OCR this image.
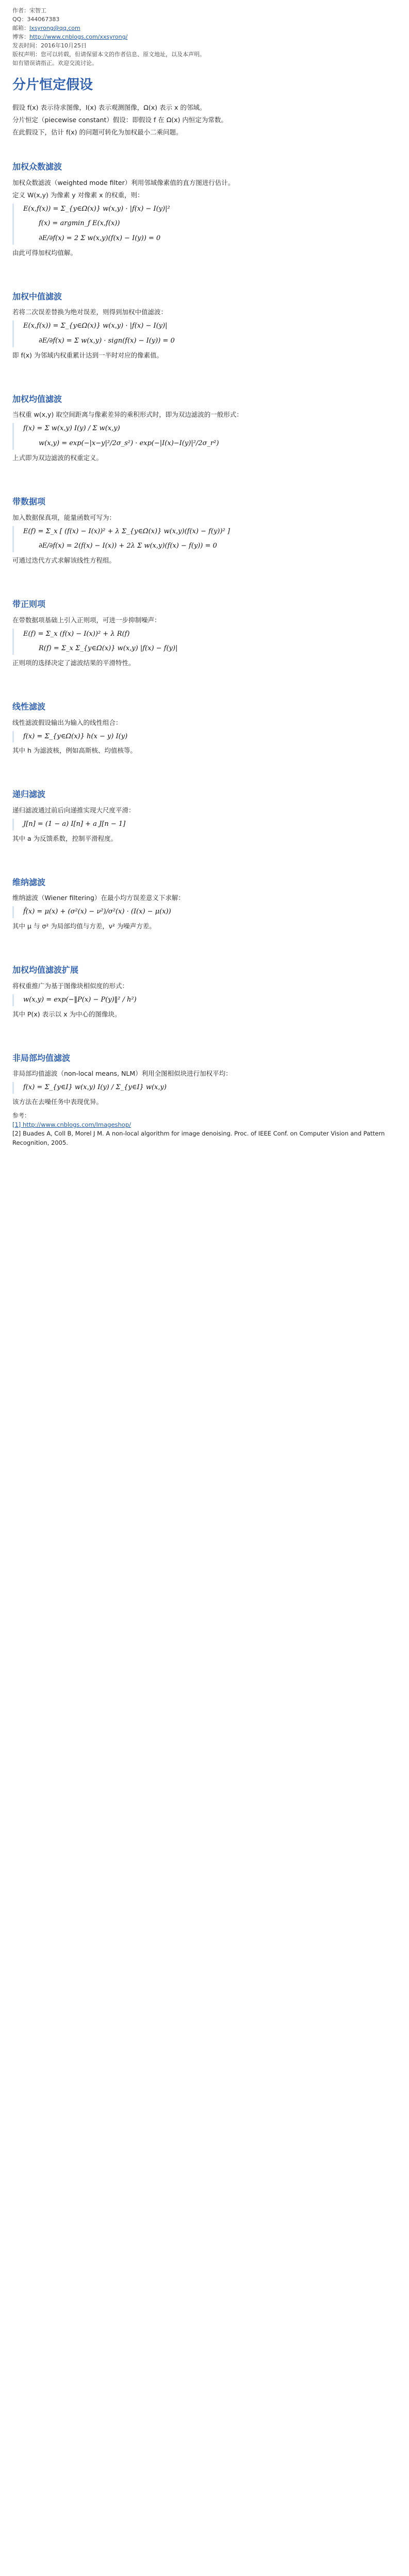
作者：宋智工
QQ：344067383
邮箱：lxsyrong@qq.com
博客：http://www.cnblogs.com/xxsyrong/
发表时间：2016年10月25日
版权声明：您可以转载，但请保留本文的作者信息、原文地址，以及本声明。
如有错误请指正。欢迎交流讨论。
分片恒定假设

假设 f(x) 表示待求图像，I(x) 表示观测图像，Ω(x) 表示 x 的邻域。

分片恒定（piecewise constant）假设：即假设 f 在 Ω(x) 内恒定为常数。

在此假设下，估计 f(x) 的问题可转化为加权最小二乘问题。

加权众数滤波

加权众数滤波（weighted mode filter）利用邻域像素值的直方图进行估计。

定义 W(x,y) 为像素 y 对像素 x 的权重，则：

E(x,f(x)) = Σ_{y∈Ω(x)} w(x,y) · |f(x) − I(y)|²
f(x) = argmin_f E(x,f(x))
∂E/∂f(x) = 2 Σ w(x,y)(f(x) − I(y)) = 0

由此可得加权均值解。

加权中值滤波

若将二次误差替换为绝对误差，则得到加权中值滤波：

E(x,f(x)) = Σ_{y∈Ω(x)} w(x,y) · |f(x) − I(y)|
∂E/∂f(x) = Σ w(x,y) · sign(f(x) − I(y)) = 0

即 f(x) 为邻域内权重累计达到一半时对应的像素值。

加权均值滤波

当权重 w(x,y) 取空间距离与像素差异的乘积形式时，即为双边滤波的一般形式：

f(x) = Σ w(x,y) I(y) / Σ w(x,y)
w(x,y) = exp(−|x−y|²/2σ_s²) · exp(−|I(x)−I(y)|²/2σ_r²)

上式即为双边滤波的权重定义。

带数据项

加入数据保真项，能量函数可写为：

E(f) = Σ_x [ (f(x) − I(x))² + λ Σ_{y∈Ω(x)} w(x,y)(f(x) − f(y))² ]
∂E/∂f(x) = 2(f(x) − I(x)) + 2λ Σ w(x,y)(f(x) − f(y)) = 0

可通过迭代方式求解该线性方程组。

带正则项

在带数据项基础上引入正则项，可进一步抑制噪声：

E(f) = Σ_x (f(x) − I(x))² + λ R(f)
R(f) = Σ_x Σ_{y∈Ω(x)} w(x,y) |f(x) − f(y)|

正则项的选择决定了滤波结果的平滑特性。

线性滤波

线性滤波假设输出为输入的线性组合：

f(x) = Σ_{y∈Ω(x)} h(x − y) I(y)

其中 h 为滤波核，例如高斯核、均值核等。

递归滤波

递归滤波通过前后向递推实现大尺度平滑：

J[n] = (1 − a) I[n] + a J[n − 1]

其中 a 为反馈系数，控制平滑程度。

维纳滤波

维纳滤波（Wiener filtering）在最小均方误差意义下求解：

f̂(x) = μ(x) + (σ²(x) − ν²)/σ²(x) · (I(x) − μ(x))

其中 μ 与 σ² 为局部均值与方差，ν² 为噪声方差。

加权均值滤波扩展

将权重推广为基于图像块相似度的形式：

w(x,y) = exp(−‖P(x) − P(y)‖² / h²)

其中 P(x) 表示以 x 为中心的图像块。

非局部均值滤波

非局部均值滤波（non-local means, NLM）利用全图相似块进行加权平均：

f(x) = Σ_{y∈Ι} w(x,y) I(y) / Σ_{y∈Ι} w(x,y)

该方法在去噪任务中表现优异。

参考：
[1] http://www.cnblogs.com/Imageshop/
[2] Buades A, Coll B, Morel J M. A non-local algorithm for image denoising. Proc. of IEEE Conf. on Computer Vision and Pattern Recognition, 2005.
